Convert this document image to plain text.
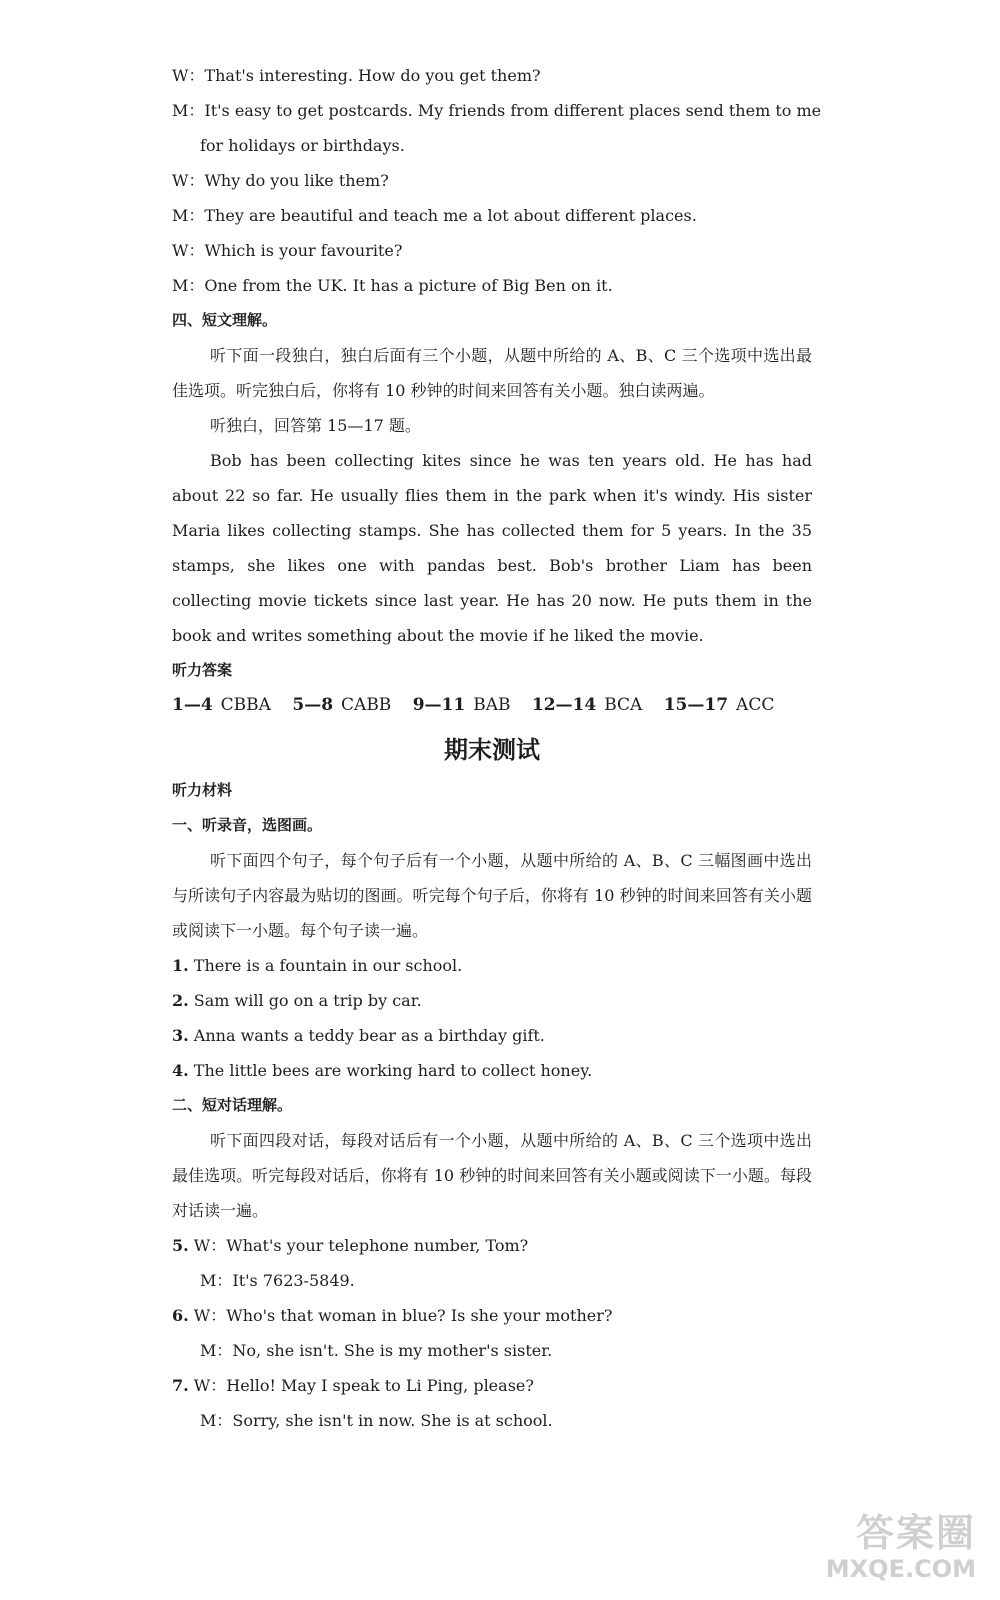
W：That's interesting. How do you get them?

M：It's easy to get postcards. My friends from different places send them to me

for holidays or birthdays.

W：Why do you like them?

M：They are beautiful and teach me a lot about different places.

W：Which is your favourite?

M：One from the UK. It has a picture of Big Ben on it.

四、短文理解。

听下面一段独白，独白后面有三个小题，从题中所给的 A、B、C 三个选项中选出最佳选项。听完独白后，你将有 10 秒钟的时间来回答有关小题。独白读两遍。

听独白，回答第 15—17 题。

Bob has been collecting kites since he was ten years old. He has had about 22 so far. He usually flies them in the park when it's windy. His sister Maria likes collecting stamps. She has collected them for 5 years. In the 35 stamps, she likes one with pandas best. Bob's brother Liam has been collecting movie tickets since last year. He has 20 now. He puts them in the book and writes something about the movie if he liked the movie.

听力答案

1—4 CBBA 5—8 CABB 9—11 BAB 12—14 BCA 15—17 ACC

期末测试

听力材料

一、听录音，选图画。

听下面四个句子，每个句子后有一个小题，从题中所给的 A、B、C 三幅图画中选出与所读句子内容最为贴切的图画。听完每个句子后，你将有 10 秒钟的时间来回答有关小题或阅读下一小题。每个句子读一遍。

1. There is a fountain in our school.

2. Sam will go on a trip by car.

3. Anna wants a teddy bear as a birthday gift.

4. The little bees are working hard to collect honey.

二、短对话理解。

听下面四段对话，每段对话后有一个小题，从题中所给的 A、B、C 三个选项中选出最佳选项。听完每段对话后，你将有 10 秒钟的时间来回答有关小题或阅读下一小题。每段对话读一遍。

5. W：What's your telephone number, Tom?

M：It's 7623-5849.

6. W：Who's that woman in blue? Is she your mother?

M：No, she isn't. She is my mother's sister.

7. W：Hello! May I speak to Li Ping, please?

M：Sorry, she isn't in now. She is at school.

答案圈
MXQE.COM
